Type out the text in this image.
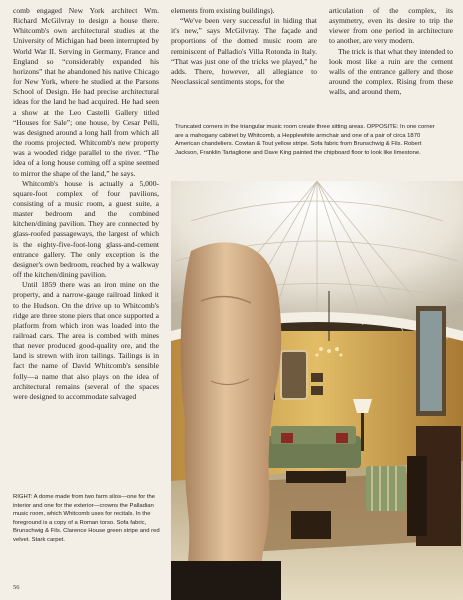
comb engaged New York architect Wm. Richard McGilvray to design a house there. Whitcomb's own architectural studies at the University of Michigan had been interrupted by World War II. Serving in Germany, France and England so “considerably expanded his horizons” that he abandoned his native Chicago for New York, where he studied at the Parsons School of Design. He had precise architectural ideas for the land he had acquired. He had seen a show at the Leo Castelli Gallery titled “Houses for Sale”; one house, by Cesar Pelli, was designed around a long hall from which all the rooms projected. Whitcomb's new property was a wooded ridge parallel to the river. “The idea of a long house coming off a spine seemed to mirror the shape of the land,” he says.

Whitcomb's house is actually a 5,000-square-foot complex of four pavilions, consisting of a music room, a guest suite, a master bedroom and the combined kitchen/dining pavilion. They are connected by glass-roofed passageways, the largest of which is the eighty-five-foot-long glass-and-cement entrance gallery. The only exception is the designer's own bedroom, reached by a walkway off the kitchen/dining pavilion.

Until 1859 there was an iron mine on the property, and a narrow-gauge railroad linked it to the Hudson. On the drive up to Whitcomb's ridge are three stone piers that once supported a platform from which iron was loaded into the railroad cars. The area is combed with mines that never produced good-quality ore, and the land is strewn with iron tailings. Tailings is in fact the name of David Whitcomb's sensible folly—a name that also plays on the idea of architectural remains (several of the spaces were designed to accommodate salvaged

elements from existing buildings).

“We've been very successful in hiding that it's new,” says McGilvray. The façade and proportions of the domed music room are reminiscent of Palladio's Villa Rotonda in Italy. “That was just one of the tricks we played,” he adds. There, however, all allegiance to Neoclassical sentiments stops, for the

articulation of the complex, its asymmetry, even its desire to trip the viewer from one period in architecture to another, are very modern.

The trick is that what they intended to look most like a ruin are the cement walls of the entrance gallery and those around the complex. Rising from these walls, and around them,

Truncated corners in the triangular music room create three sitting areas. OPPOSITE: In one corner are a mahogany cabinet by Whitcomb, a Hepplewhite armchair and one of a pair of circa 1870 American chandeliers. Cowtan & Tout yellow stripe. Sofa fabric from Brunschwig & Fils. Robert Jackson, Franklin Tartaglione and Dave King painted the chipboard floor to look like limestone.
RIGHT: A dome made from two farm silos—one for the interior and one for the exterior—crowns the Palladian music room, which Whitcomb uses for recitals. In the foreground is a copy of a Roman torso. Sofa fabric, Brunschwig & Fils. Clarence House green stripe and red velvet. Stark carpet.
56
